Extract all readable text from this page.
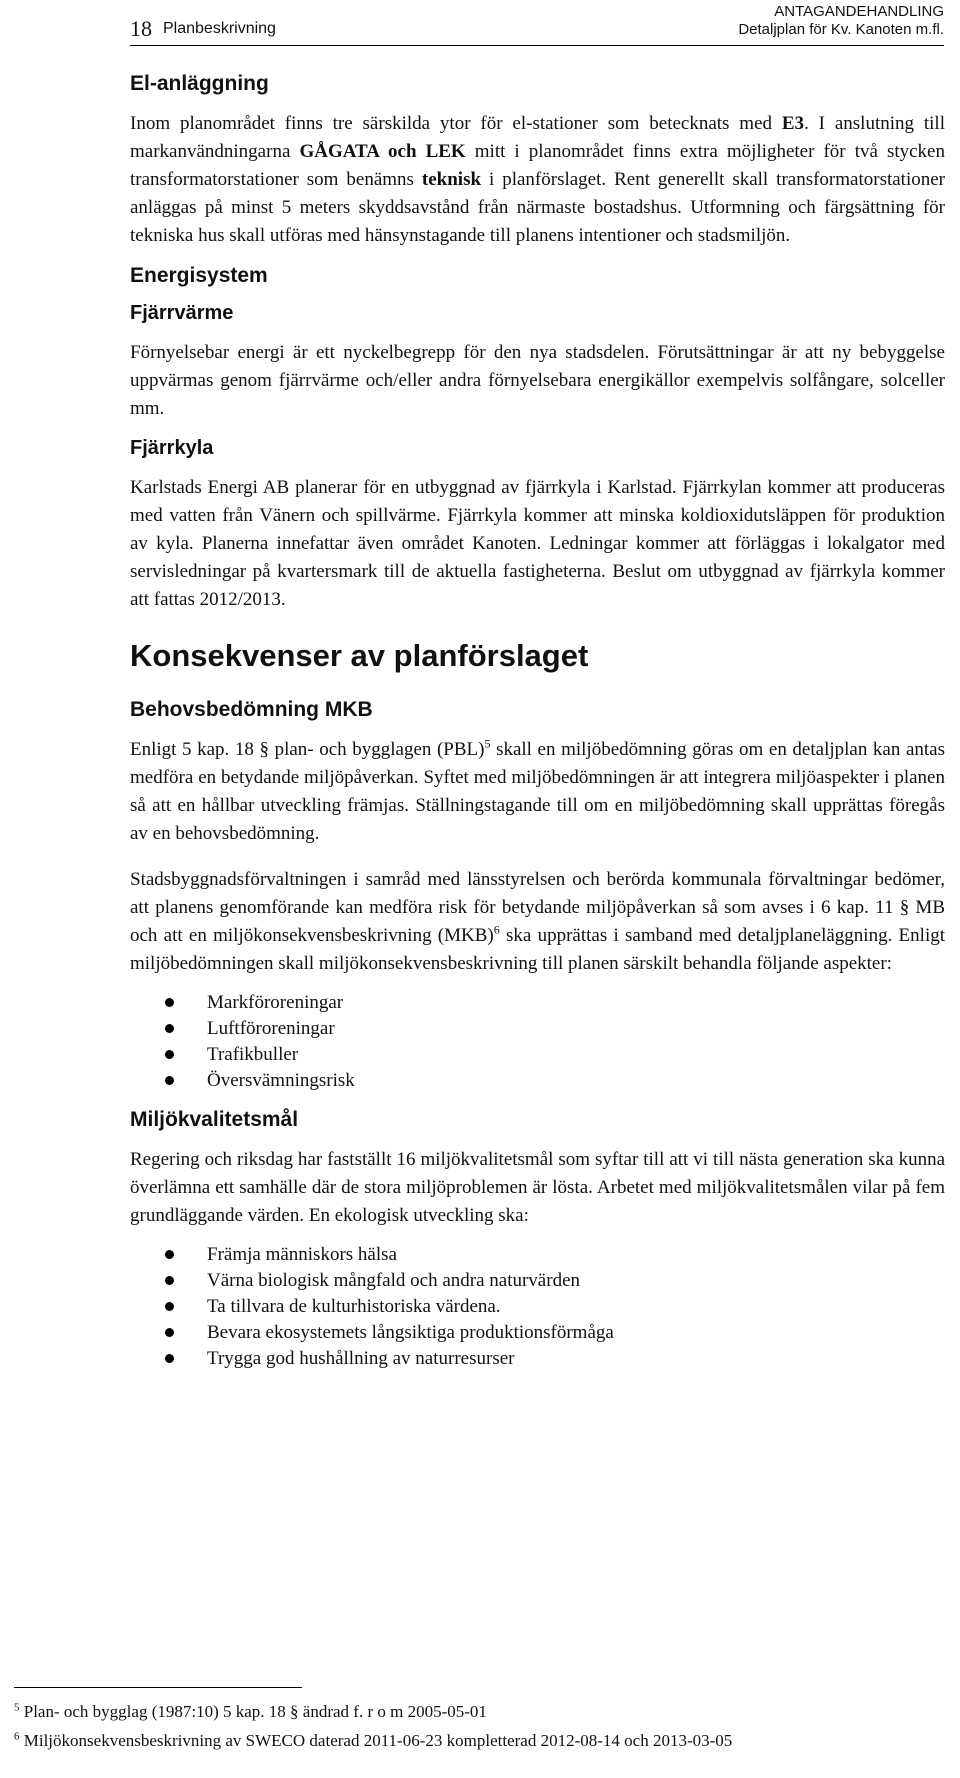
18 Planbeskrivning
ANTAGANDEHANDLING
Detaljplan för Kv. Kanoten m.fl.
El-anläggning

Inom planområdet finns tre särskilda ytor för el-stationer som betecknats med E3. I anslutning till markanvändningarna GÅGATA och LEK mitt i planområdet finns extra möjligheter för två stycken transformatorstationer som benämns teknisk i planförslaget. Rent generellt skall transformatorstationer anläggas på minst 5 meters skyddsavstånd från närmaste bostadshus. Utformning och färgsättning för tekniska hus skall utföras med hänsynstagande till planens intentioner och stadsmiljön.

Energisystem
Fjärrvärme

Förnyelsebar energi är ett nyckelbegrepp för den nya stadsdelen. Förutsättningar är att ny bebyggelse uppvärmas genom fjärrvärme och/eller andra förnyelsebara energikällor exempelvis solfångare, solceller mm.

Fjärrkyla

Karlstads Energi AB planerar för en utbyggnad av fjärrkyla i Karlstad. Fjärrkylan kommer att produceras med vatten från Vänern och spillvärme. Fjärrkyla kommer att minska koldioxidutsläppen för produktion av kyla. Planerna innefattar även området Kanoten. Ledningar kommer att förläggas i lokalgator med servisledningar på kvartersmark till de aktuella fastigheterna. Beslut om utbyggnad av fjärrkyla kommer att fattas 2012/2013.

Konsekvenser av planförslaget
Behovsbedömning MKB

Enligt 5 kap. 18 § plan- och bygglagen (PBL)$^5$ skall en miljöbedömning göras om en detaljplan kan antas medföra en betydande miljöpåverkan. Syftet med miljöbedömningen är att integrera miljöaspekter i planen så att en hållbar utveckling främjas. Ställningstagande till om en miljöbedömning skall upprättas föregås av en behovsbedömning.

Stadsbyggnadsförvaltningen i samråd med länsstyrelsen och berörda kommunala förvaltningar bedömer, att planens genomförande kan medföra risk för betydande miljöpåverkan så som avses i 6 kap. 11 § MB och att en miljökonsekvensbeskrivning (MKB)$^6$ ska upprättas i samband med detaljplaneläggning. Enligt miljöbedömningen skall miljökonsekvensbeskrivning till planen särskilt behandla följande aspekter:

Markföroreningar
Luftföroreningar
Trafikbuller
Översvämningsrisk
Miljökvalitetsmål

Regering och riksdag har fastställt 16 miljökvalitetsmål som syftar till att vi till nästa generation ska kunna överlämna ett samhälle där de stora miljöproblemen är lösta. Arbetet med miljökvalitetsmålen vilar på fem grundläggande värden. En ekologisk utveckling ska:

Främja människors hälsa
Värna biologisk mångfald och andra naturvärden
Ta tillvara de kulturhistoriska värdena.
Bevara ekosystemets långsiktiga produktionsförmåga
Trygga god hushållning av naturresurser
$^5$ Plan- och bygglag (1987:10) 5 kap. 18 § ändrad f. r o m 2005-05-01
$^6$ Miljökonsekvensbeskrivning av SWECO daterad 2011-06-23 kompletterad 2012-08-14 och 2013-03-05
